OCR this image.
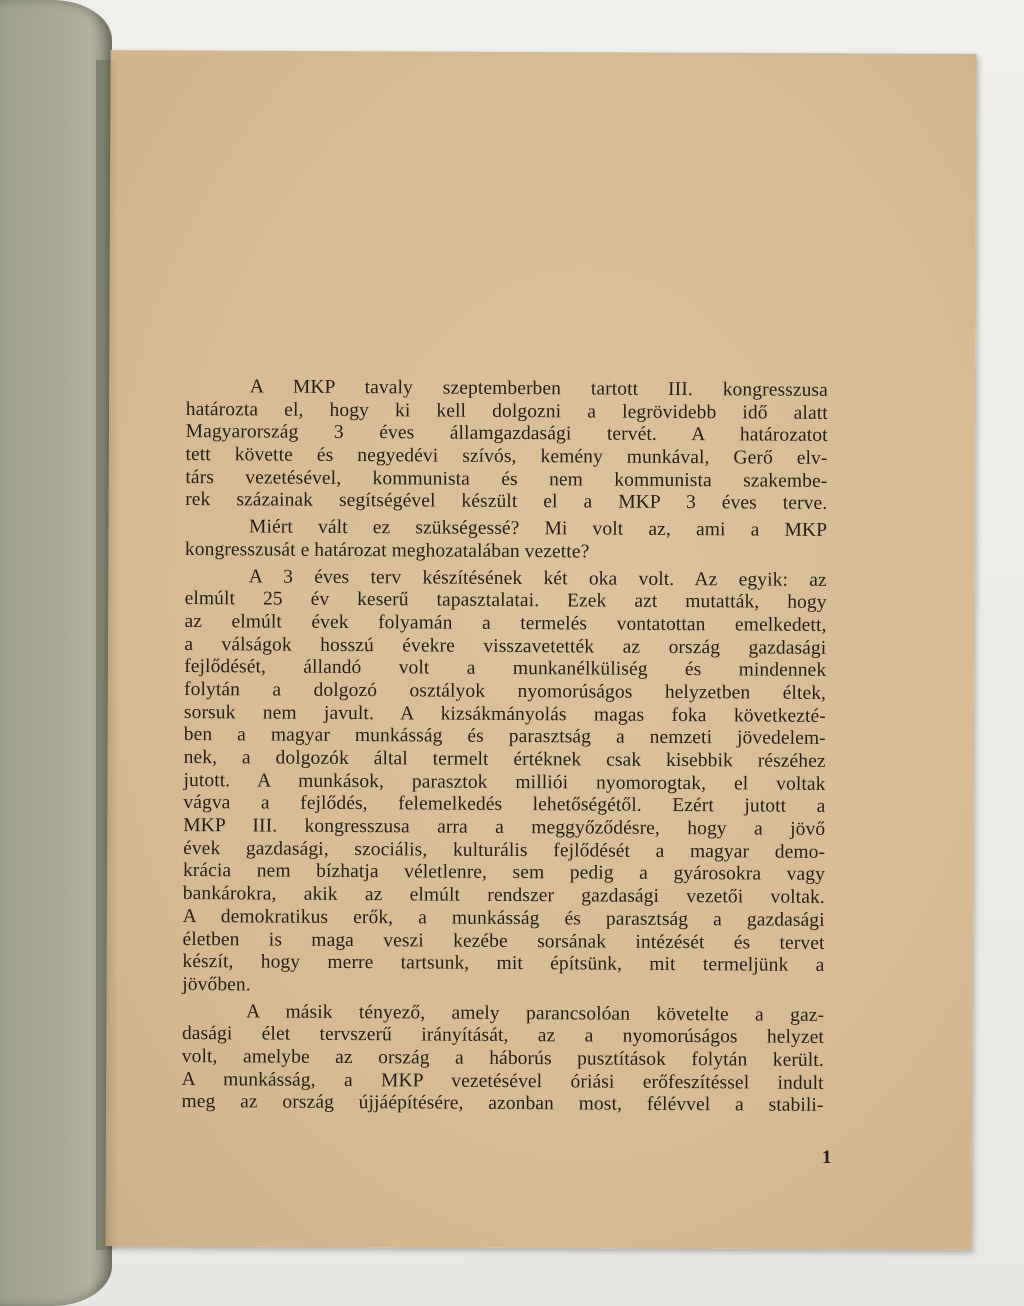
A MKP tavaly szeptemberben tartott III. kongresszusa
határozta el, hogy ki kell dolgozni a legrövidebb idő alatt
Magyarország 3 éves államgazdasági tervét. A határozatot
tett követte és negyedévi szívós, kemény munkával, Gerő elv-
társ vezetésével, kommunista és nem kommunista szakembe-
rek százainak segítségével készült el a MKP 3 éves terve.
Miért vált ez szükségessé? Mi volt az, ami a MKP
kongresszusát e határozat meghozatalában vezette?
A 3 éves terv készítésének két oka volt. Az egyik: az
elmúlt 25 év keserű tapasztalatai. Ezek azt mutatták, hogy
az elmúlt évek folyamán a termelés vontatottan emelkedett,
a válságok hosszú évekre visszavetették az ország gazdasági
fejlődését, állandó volt a munkanélküliség és mindennek
folytán a dolgozó osztályok nyomorúságos helyzetben éltek,
sorsuk nem javult. A kizsákmányolás magas foka következté-
ben a magyar munkásság és parasztság a nemzeti jövedelem-
nek, a dolgozók által termelt értéknek csak kisebbik részéhez
jutott. A munkások, parasztok milliói nyomorogtak, el voltak
vágva a fejlődés, felemelkedés lehetőségétől. Ezért jutott a
MKP III. kongresszusa arra a meggyőződésre, hogy a jövő
évek gazdasági, szociális, kulturális fejlődését a magyar demo-
krácia nem bízhatja véletlenre, sem pedig a gyárosokra vagy
bankárokra, akik az elmúlt rendszer gazdasági vezetői voltak.
A demokratikus erők, a munkásság és parasztság a gazdasági
életben is maga veszi kezébe sorsának intézését és tervet
készít, hogy merre tartsunk, mit építsünk, mit termeljünk a
jövőben.
A másik tényező, amely parancsolóan követelte a gaz-
dasági élet tervszerű irányítását, az a nyomorúságos helyzet
volt, amelybe az ország a háborús pusztítások folytán került.
A munkásság, a MKP vezetésével óriási erőfeszítéssel indult
meg az ország újjáépítésére, azonban most, félévvel a stabili-
1
